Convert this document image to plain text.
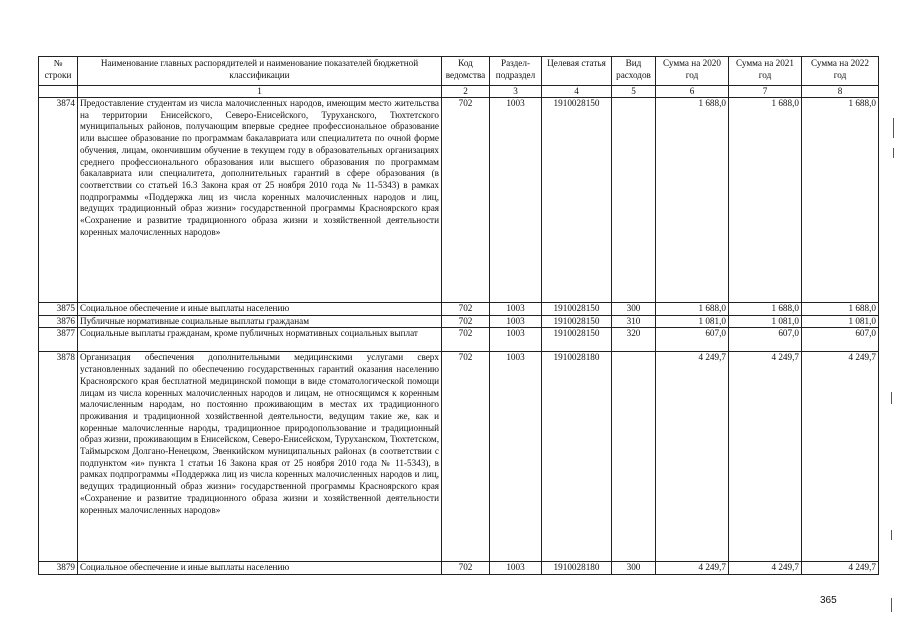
№ строки	Наименование главных распорядителей и наименование показателей бюджетной классификации	Код ведомства	Раздел-подраздел	Целевая статья	Вид расходов	Сумма на 2020 год	Сумма на 2021 год	Сумма на 2022 год
	1	2	3	4	5	6	7	8
3874	Предоставление студентам из числа малочисленных народов, имеющим место жительства на территории Енисейского, Северо-Енисейского, Туруханского, Тюхтетского муниципальных районов, получающим впервые среднее профессиональное образование или высшее образование по программам бакалавриата или специалитета по очной форме обучения, лицам, окончившим обучение в текущем году в образовательных организациях среднего профессионального образования или высшего образования по программам бакалавриата или специалитета, дополнительных гарантий в сфере образования (в соответствии со статьей 16.3 Закона края от 25 ноября 2010 года № 11-5343) в рамках подпрограммы «Поддержка лиц из числа коренных малочисленных народов и лиц, ведущих традиционный образ жизни» государственной программы Красноярского края «Сохранение и развитие традиционного образа жизни и хозяйственной деятельности коренных малочисленных народов»	702	1003	1910028150		1 688,0	1 688,0	1 688,0
3875	Социальное обеспечение и иные выплаты населению	702	1003	1910028150	300	1 688,0	1 688,0	1 688,0
3876	Публичные нормативные социальные выплаты гражданам	702	1003	1910028150	310	1 081,0	1 081,0	1 081,0
3877	Социальные выплаты гражданам, кроме публичных нормативных социальных выплат	702	1003	1910028150	320	607,0	607,0	607,0
3878	Организация обеспечения дополнительными медицинскими услугами сверх установленных заданий по обеспечению государственных гарантий оказания населению Красноярского края бесплатной медицинской помощи в виде стоматологической помощи лицам из числа коренных малочисленных народов и лицам, не относящимся к коренным малочисленным народам, но постоянно проживающим в местах их традиционного проживания и традиционной хозяйственной деятельности, ведущим такие же, как и коренные малочисленные народы, традиционное природопользование и традиционный образ жизни, проживающим в Енисейском, Северо-Енисейском, Туруханском, Тюхтетском, Таймырском Долгано-Ненецком, Эвенкийском муниципальных районах (в соответствии с подпунктом «и» пункта 1 статьи 16 Закона края от 25 ноября 2010 года № 11-5343), в рамках подпрограммы «Поддержка лиц из числа коренных малочисленных народов и лиц, ведущих традиционный образ жизни» государственной программы Красноярского края «Сохранение и развитие традиционного образа жизни и хозяйственной деятельности коренных малочисленных народов»	702	1003	1910028180		4 249,7	4 249,7	4 249,7
3879	Социальное обеспечение и иные выплаты населению	702	1003	1910028180	300	4 249,7	4 249,7	4 249,7
365
